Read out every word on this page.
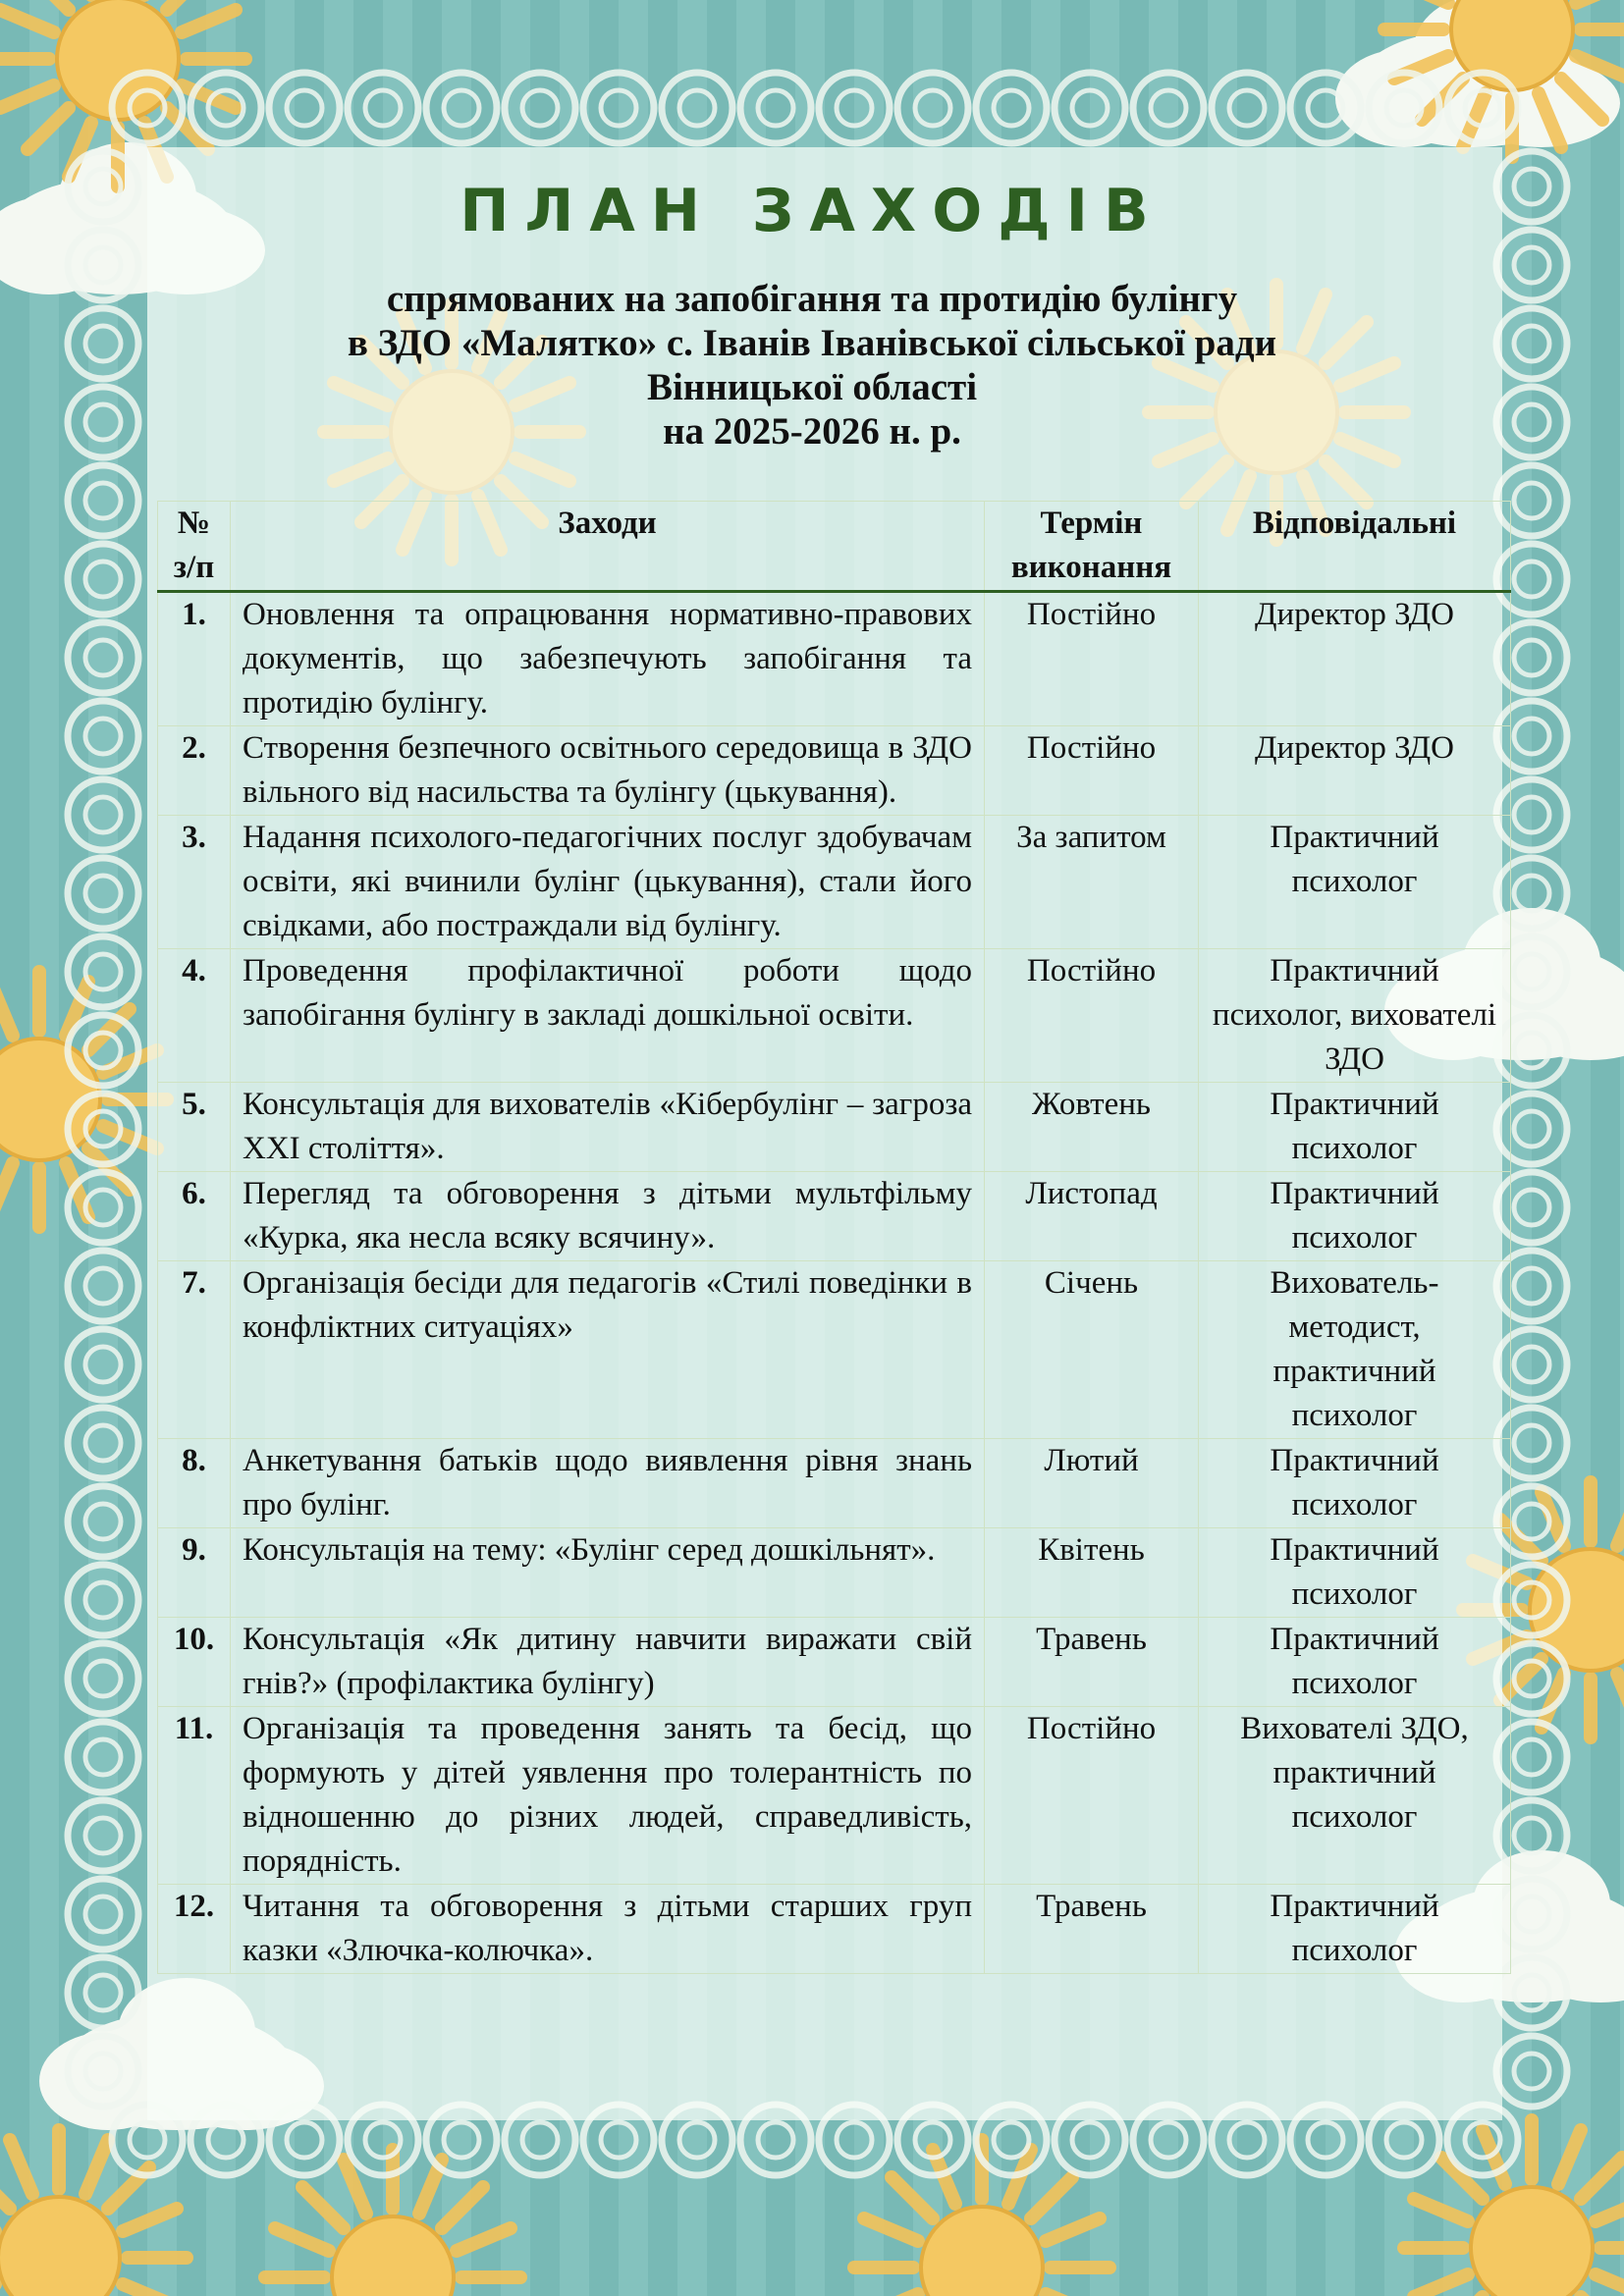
ПЛАН ЗАХОДІВ
спрямованих на запобігання та протидію булінгу
в ЗДО «Малятко» с. Іванів Іванівської сільської ради
Вінницької області
на 2025-2026 н. р.
№ з/п	Заходи	Термін виконання	Відповідальні
1.	Оновлення та опрацювання нормативно-правових документів, що забезпечують запобігання та протидію булінгу.	Постійно	Директор ЗДО
2.	Створення безпечного освітнього середовища в ЗДО вільного від насильства та булінгу (цькування).	Постійно	Директор ЗДО
3.	Надання психолого-педагогічних послуг здобувачам освіти, які вчинили булінг (цькування), стали його свідками, або постраждали від булінгу.	За запитом	Практичний психолог
4.	Проведення профілактичної роботи щодо запобігання булінгу в закладі дошкільної освіти.	Постійно	Практичний психолог, вихователі ЗДО
5.	Консультація для вихователів «Кібербулінг – загроза ХХІ століття».	Жовтень	Практичний психолог
6.	Перегляд та обговорення з дітьми мультфільму «Курка, яка несла всяку всячину».	Листопад	Практичний психолог
7.	Організація бесіди для педагогів «Стилі поведінки в конфліктних ситуаціях»	Січень	Вихователь-методист, практичний психолог
8.	Анкетування батьків щодо виявлення рівня знань про булінг.	Лютий	Практичний психолог
9.	Консультація на тему: «Булінг серед дошкільнят».	Квітень	Практичний психолог
10.	Консультація «Як дитину навчити виражати свій гнів?» (профілактика булінгу)	Травень	Практичний психолог
11.	Організація та проведення занять та бесід, що формують у дітей уявлення про толерантність по відношенню до різних людей, справедливість, порядність.	Постійно	Вихователі ЗДО, практичний психолог
12.	Читання та обговорення з дітьми старших груп казки «Злючка-колючка».	Травень	Практичний психолог
